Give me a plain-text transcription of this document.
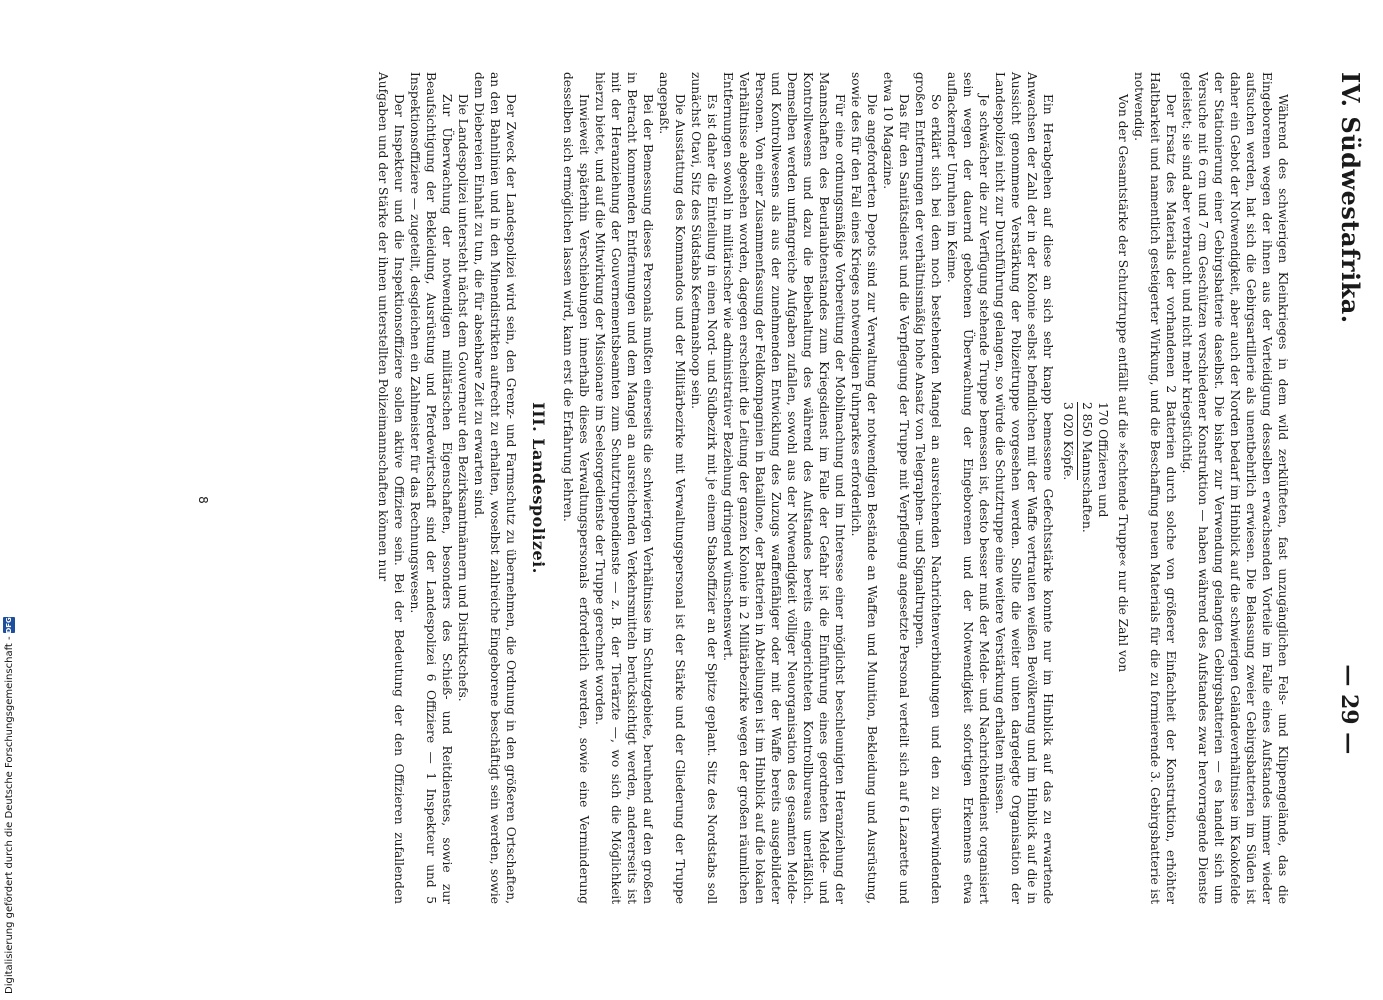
IV. Südwestafrika.
— 29 —

Während des schwierigen Kleinkrieges in dem wild zerklüfteten, fast unzugänglichen Fels- und Klippengelände, das die Eingeborenen wegen der ihnen aus der Verteidigung desselben erwachsenden Vorteile im Falle eines Aufstandes immer wieder aufsuchen werden, hat sich die Gebirgsartillerie als unentbehrlich erwiesen. Die Belassung zweier Gebirgsbatterien im Süden ist daher ein Gebot der Notwendigkeit, aber auch der Norden bedarf im Hinblick auf die schwierigen Geländeverhältnisse im Kaokofelde der Stationierung einer Gebirgsbatterie daselbst. Die bisher zur Verwendung gelangten Gebirgsbatterien — es handelt sich um Versuche mit 6 cm und 7 cm Geschützen verschiedener Konstruktion — haben während des Aufstandes zwar hervorragende Dienste geleistet; sie sind aber verbraucht und nicht mehr kriegstüchtig.

Der Ersatz des Materials der vorhandenen 2 Batterien durch solche von größerer Einfachheit der Konstruktion, erhöhter Haltbarkeit und namentlich gesteigerter Wirkung, und die Beschaffung neuen Materials für die zu formierende 3. Gebirgsbatterie ist notwendig.

Von der Gesamtstärke der Schutztruppe entfällt auf die »fechtende Truppe« nur die Zahl von

170 Offizieren und
2 850 Mannschaften.
3 020 Köpfe.

Ein Herabgehen auf diese an sich sehr knapp bemessene Gefechtsstärke konnte nur im Hinblick auf das zu erwartende Anwachsen der Zahl der in der Kolonie selbst befindlichen mit der Waffe vertrauten weißen Bevölkerung und im Hinblick auf die in Aussicht genommene Verstärkung der Polizeitruppe vorgesehen werden. Sollte die weiter unten dargelegte Organisation der Landespolizei nicht zur Durchführung gelangen, so würde die Schutztruppe eine weitere Verstärkung erhalten müssen.

Je schwächer die zur Verfügung stehende Truppe bemessen ist, desto besser muß der Melde- und Nachrichtendienst organisiert sein wegen der dauernd gebotenen Überwachung der Eingeborenen und der Notwendigkeit sofortigen Erkennens etwa auflackernder Unruhen im Keime.

So erklärt sich bei dem noch bestehenden Mangel an ausreichenden Nachrichtenverbindungen und den zu überwindenden großen Entfernungen der verhältnismäßig hohe Ansatz von Telegraphen- und Signaltruppen.

Das für den Sanitätsdienst und die Verpflegung der Truppe mit Verpflegung angesetzte Personal verteilt sich auf 6 Lazarette und etwa 10 Magazine.

Die angeforderten Depots sind zur Verwaltung der notwendigen Bestände an Waffen und Munition, Bekleidung und Ausrüstung, sowie des für den Fall eines Krieges notwendigen Fuhrparkes erforderlich.

Für eine ordnungsmäßige Vorbereitung der Mobilmachung und im Interesse einer möglichst beschleunigten Heranziehung der Mannschaften des Beurlaubtenstandes zum Kriegsdienst im Falle der Gefahr ist die Einführung eines geordneten Melde- und Kontrollwesens und dazu die Beibehaltung des während des Aufstandes bereits eingerichteten Kontrollbureaus unerläßlich. Demselben werden umfangreiche Aufgaben zufallen, sowohl aus der Notwendigkeit völliger Neuorganisation des gesamten Melde- und Kontrollwesens als aus der zunehmenden Entwicklung des Zuzugs waffenfähiger oder mit der Waffe bereits ausgebildeter Personen. Von einer Zusammenfassung der Feldkompagnien in Bataillone, der Batterien in Abteilungen ist im Hinblick auf die lokalen Verhältnisse abgesehen worden, dagegen erscheint die Leitung der ganzen Kolonie in 2 Militärbezirke wegen der großen räumlichen Entfernungen sowohl in militärischer wie administrativer Beziehung dringend wünschenswert.

Es ist daher die Einteilung in einen Nord- und Südbezirk mit je einem Stabsoffizier an der Spitze geplant. Sitz des Nordstabs soll zunächst Otavi, Sitz des Südstabs Keetmanshoop sein.

Die Ausstattung des Kommandos und der Militärbezirke mit Verwaltungspersonal ist der Stärke und der Gliederung der Truppe angepaßt.

Bei der Bemessung dieses Personals mußten einerseits die schwierigen Verhältnisse im Schutzgebiete, beruhend auf den großen in Betracht kommenden Entfernungen und dem Mangel an ausreichenden Verkehrsmitteln berücksichtigt werden, andererseits ist mit der Heranziehung der Gouvernementsbeamten zum Schutztruppendienste — z. B. der Tierärzte —, wo sich die Möglichkeit hierzu bietet, und auf die Mitwirkung der Missionare im Seelsorgedienste der Truppe gerechnet worden.

Inwieweit späterhin Verschiebungen innerhalb dieses Verwaltungspersonals erforderlich werden, sowie eine Verminderung desselben sich ermöglichen lassen wird, kann erst die Erfahrung lehren.

III. Landespolizei.

Der Zweck der Landespolizei wird sein, den Grenz- und Farmschutz zu übernehmen, die Ordnung in den größeren Ortschaften, an den Bahnlinien und in den Minendistrikten aufrecht zu erhalten, woselbst zahlreiche Eingeborene beschäftigt sein werden, sowie dem Diebereien Einhalt zu tun, die für absehbare Zeit zu erwarten sind.

Die Landespolizei untersteht nächst dem Gouverneur den Bezirksamtmännern und Distriktschefs.

Zur Überwachung der notwendigen militärischen Eigenschaften, besonders des Schieß- und Reitdienstes, sowie zur Beaufsichtigung der Bekleidung, Ausrüstung und Pferdewirtschaft sind der Landespolizei 6 Offiziere — 1 Inspekteur und 5 Inspektionsoffiziere — zugeteilt, desgleichen ein Zahlmeister für das Rechnungswesen.

Der Inspekteur und die Inspektionsoffiziere sollen aktive Offiziere sein. Bei der Bedeutung der den Offizieren zufallenden Aufgaben und der Stärke der ihnen unterstellten Polizeimannschaften können nur

8
Digitalisierung gefördert durch die Deutsche Forschungsgemeinschaft -
DFG
